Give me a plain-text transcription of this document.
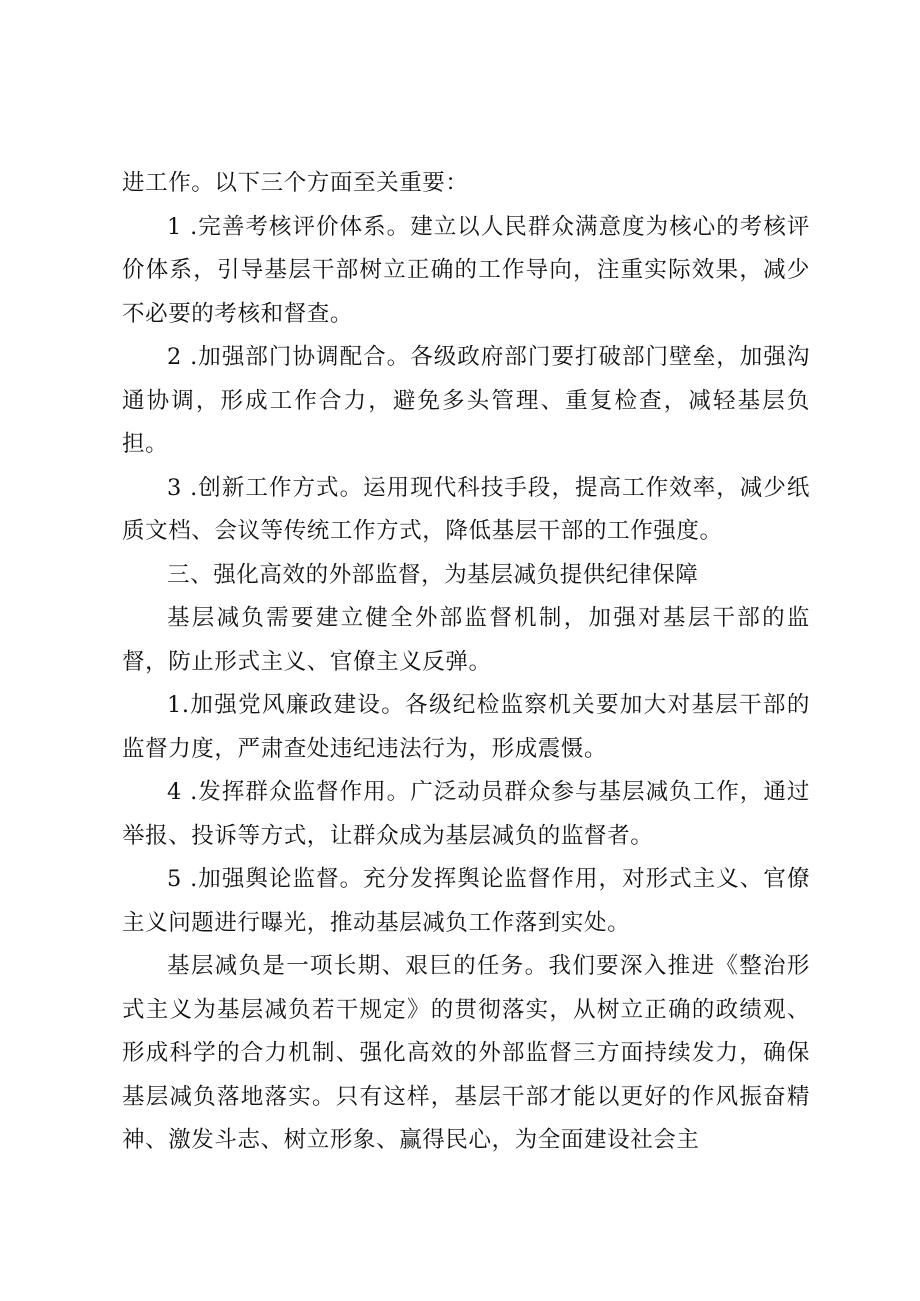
进工作。以下三个方面至关重要：

1 .完善考核评价体系。建立以人民群众满意度为核心的考核评价体系，引导基层干部树立正确的工作导向，注重实际效果，减少不必要的考核和督查。

2 .加强部门协调配合。各级政府部门要打破部门壁垒，加强沟通协调，形成工作合力，避免多头管理、重复检查，减轻基层负担。

3 .创新工作方式。运用现代科技手段，提高工作效率，减少纸质文档、会议等传统工作方式，降低基层干部的工作强度。

三、强化高效的外部监督，为基层减负提供纪律保障

基层减负需要建立健全外部监督机制，加强对基层干部的监督，防止形式主义、官僚主义反弹。

1.加强党风廉政建设。各级纪检监察机关要加大对基层干部的监督力度，严肃查处违纪违法行为，形成震慑。

4 .发挥群众监督作用。广泛动员群众参与基层减负工作，通过举报、投诉等方式，让群众成为基层减负的监督者。

5 .加强舆论监督。充分发挥舆论监督作用，对形式主义、官僚主义问题进行曝光，推动基层减负工作落到实处。

基层减负是一项长期、艰巨的任务。我们要深入推进《整治形式主义为基层减负若干规定》的贯彻落实，从树立正确的政绩观、形成科学的合力机制、强化高效的外部监督三方面持续发力，确保基层减负落地落实。只有这样，基层干部才能以更好的作风振奋精神、激发斗志、树立形象、赢得民心，为全面建设社会主
